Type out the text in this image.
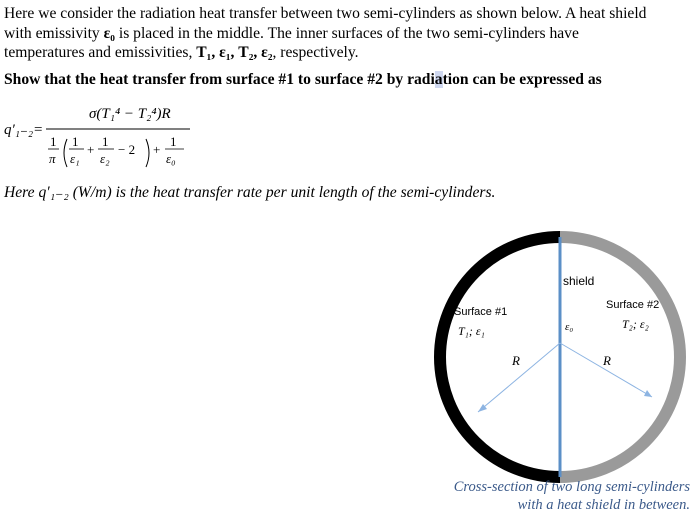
Here we consider the radiation heat transfer between two semi-cylinders as shown below. A heat shield
with emissivity ε₀ is placed in the middle. The inner surfaces of the two semi-cylinders have
temperatures and emissivities, T₁, ε₁, T₂, ε₂, respectively.
Show that the heat transfer from surface #1 to surface #2 by radiation can be expressed as
q′₁₋₂ =
σ(T₁⁴ − T₂⁴)R
1
π
1
ε₁
+
1
ε₂
− 2 +
1
ε₀
Here q′₁₋₂ (W/m) is the heat transfer rate per unit length of the semi-cylinders.
shield
ε₀
Surface #1
T₁; ε₁
Surface #2
T₂; ε₂
R	R
Cross-section of two long semi-cylinders
with a heat shield in between.
